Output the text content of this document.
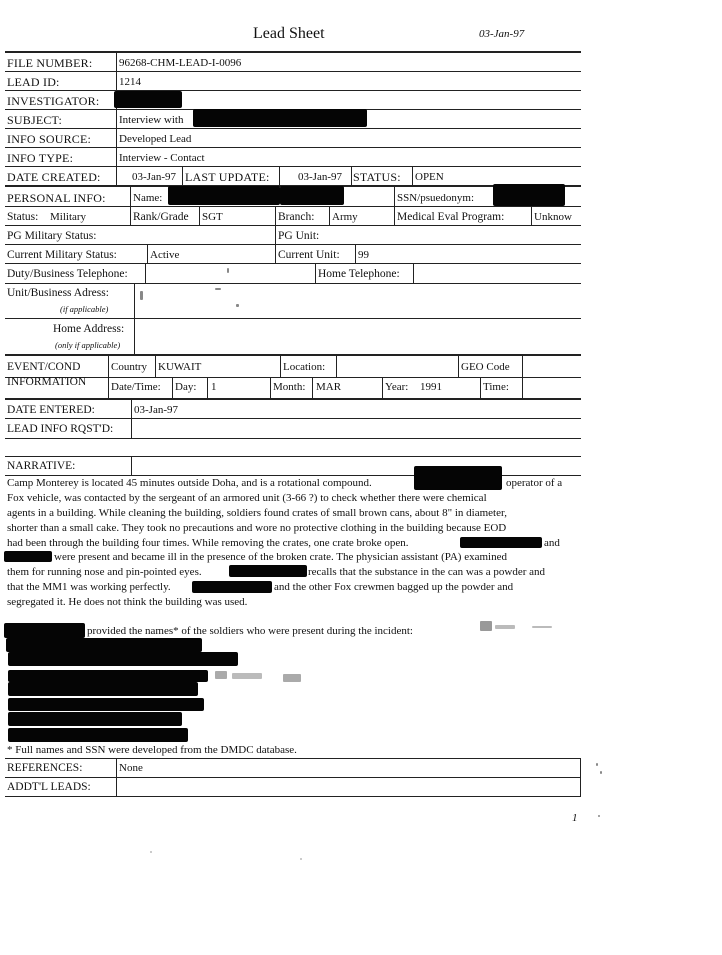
Lead Sheet	03-Jan-97
FILE NUMBER: 96268-CHM-LEAD-I-0096
LEAD ID:	1214
INVESTIGATOR:
SUBJECT:	Interview with
INFO SOURCE:	Developed Lead
INFO TYPE:	Interview - Contact
DATE CREATED:	03-Jan-97 LAST UPDATE:	03-Jan-97 STATUS: OPEN
PERSONAL INFO: Name:	SSN/psuedonym:
Status: Military	Rank/Grade SGT	Branch: Army	Medical Eval Program:	Unknow
PG Military Status:	PG Unit:
Current Military Status:	Active	Current Unit: 99
Duty/Business Telephone:	Home Telephone:
Unit/Business Adress:
(if applicable)
Home Address:
(only if applicable)
EVENT/COND
INFORMATION
Country KUWAIT	Location:	GEO Code
Date/Time: Day: 1	Month: MAR	Year: 1991	Time:
DATE ENTERED:	03-Jan-97
LEAD INFO RQST'D:
NARRATIVE:
Camp Monterey is located 45 minutes outside Doha, and is a rotational compound.	operator of a
Fox vehicle, was contacted by the sergeant of an armored unit (3-66 ?) to check whether there were chemical
agents in a building. While cleaning the building, soldiers found crates of small brown cans, about 8" in diameter,
shorter than a small cake. They took no precautions and wore no protective clothing in the building because EOD
had been through the building four times. While removing the crates, one crate broke open.	and
were present and became ill in the presence of the broken crate. The physician assistant (PA) examined
them for running nose and pin-pointed eyes.	recalls that the substance in the can was a powder and
that the MM1 was working perfectly.	and the other Fox crewmen bagged up the powder and
segregated it. He does not think the building was used.
provided the names* of the soldiers who were present during the incident:
* Full names and SSN were developed from the DMDC database.
REFERENCES:	None
ADDT'L LEADS:
1
